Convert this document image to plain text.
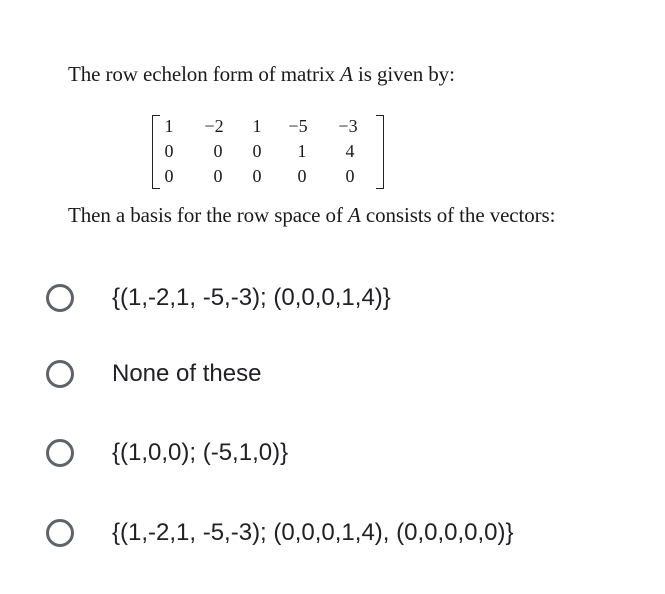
The row echelon form of matrix A is given by:
1	−2	1	−5	−3
0	0	0	1	4
0	0	0	0	0
Then a basis for the row space of A consists of the vectors:
{(1,-2,1, -5,-3); (0,0,0,1,4)}
None of these
{(1,0,0); (-5,1,0)}
{(1,-2,1, -5,-3); (0,0,0,1,4), (0,0,0,0,0)}
